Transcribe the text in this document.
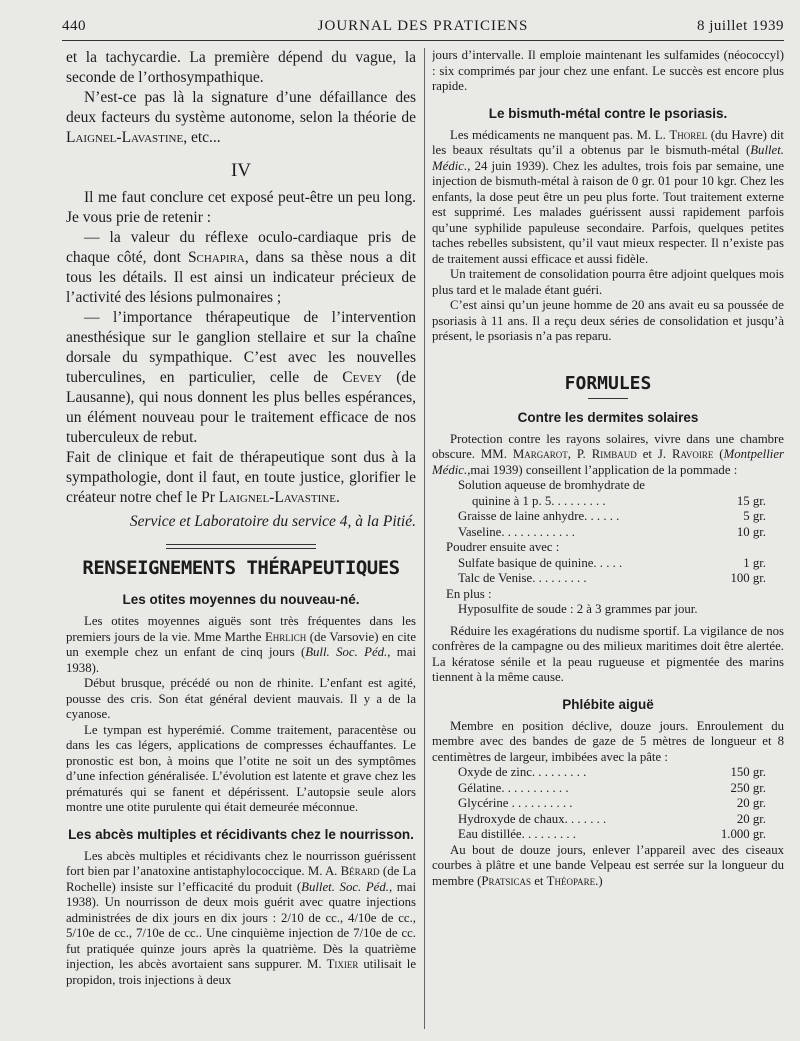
440	JOURNAL DES PRATICIENS	8 juillet 1939

et la tachycardie. La première dépend du vague, la seconde de l’orthosympathique.

N’est-ce pas là la signature d’une défaillance des deux facteurs du système autonome, selon la théorie de Laignel-Lavastine, etc...

IV

Il me faut conclure cet exposé peut-être un peu long. Je vous prie de retenir :

— la valeur du réflexe oculo-cardiaque pris de chaque côté, dont Schapira, dans sa thèse nous a dit tous les détails. Il est ainsi un indicateur précieux de l’activité des lésions pulmonaires ;

— l’importance thérapeutique de l’intervention anesthésique sur le ganglion stellaire et sur la chaîne dorsale du sympathique. C’est avec les nouvelles tuberculines, en particulier, celle de Cevey (de Lausanne), qui nous donnent les plus belles espérances, un élément nouveau pour le traitement efficace de nos tuberculeux de rebut.

Fait de clinique et fait de thérapeutique sont dus à la sympathologie, dont il faut, en toute justice, glorifier le créateur notre chef le Pr Laignel-Lavastine.

Service et Laboratoire du service 4, à la Pitié.
RENSEIGNEMENTS THÉRAPEUTIQUES
Les otites moyennes du nouveau-né.

Les otites moyennes aiguës sont très fréquentes dans les premiers jours de la vie. Mme Marthe Ehrlich (de Varsovie) en cite un exemple chez un enfant de cinq jours (Bull. Soc. Péd., mai 1938).

Début brusque, précédé ou non de rhinite. L’enfant est agité, pousse des cris. Son état général devient mauvais. Il y a de la cyanose.

Le tympan est hyperémié. Comme traitement, paracentèse ou dans les cas légers, applications de compresses échauffantes. Le pronostic est bon, à moins que l’otite ne soit un des symptômes d’une infection généralisée. L’évolution est latente et grave chez les prématurés qui se fanent et dépérissent. L’autopsie seule alors montre une otite purulente qui était demeurée méconnue.

Les abcès multiples et récidivants chez le nourrisson.

Les abcès multiples et récidivants chez le nourrisson guérissent fort bien par l’anatoxine antistaphylococcique. M. A. Bérard (de La Rochelle) insiste sur l’efficacité du produit (Bullet. Soc. Péd., mai 1938). Un nourrisson de deux mois guérit avec quatre injections administrées de dix jours en dix jours : 2/10 de cc., 4/10e de cc., 5/10e de cc., 7/10e de cc.. Une cinquième injection de 7/10e de cc. fut pratiquée quinze jours après la quatrième. Dès la quatrième injection, les abcès avortaient sans suppurer. M. Tixier utilisait le propidon, trois injections à deux

jours d’intervalle. Il emploie maintenant les sulfamides (néococcyl) : six comprimés par jour chez une enfant. Le succès est encore plus rapide.

Le bismuth-métal contre le psoriasis.

Les médicaments ne manquent pas. M. L. Thorel (du Havre) dit les beaux résultats qu’il a obtenus par le bismuth-métal (Bullet. Médic., 24 juin 1939). Chez les adultes, trois fois par semaine, une injection de bismuth-métal à raison de 0 gr. 01 pour 10 kgr. Chez les enfants, la dose peut être un peu plus forte. Tout traitement externe est supprimé. Les malades guérissent aussi rapidement parfois qu’une syphilide papuleuse secondaire. Parfois, quelques petites taches rebelles subsistent, qu’il vaut mieux respecter. Il n’existe pas de traitement aussi efficace et aussi fidèle.

Un traitement de consolidation pourra être adjoint quelques mois plus tard et le malade étant guéri.

C’est ainsi qu’un jeune homme de 20 ans avait eu sa poussée de psoriasis à 11 ans. Il a reçu deux séries de consolidation et jusqu’à présent, le psoriasis n’a pas reparu.

FORMULES
Contre les dermites solaires

Protection contre les rayons solaires, vivre dans une chambre obscure. MM. Margarot, P. Rimbaud et J. Ravoire (Montpellier Médic.,mai 1939) conseillent l’application de la pommade :

Solution aqueuse de bromhydrate de	
quinine à 1 p. 5. . . . . . . . .	15 gr.
Graisse de laine anhydre. . . . . .	5 gr.
Vaseline. . . . . . . . . . . .	10 gr.
Poudrer ensuite avec :
Sulfate basique de quinine. . . . .	1 gr.
Talc de Venise. . . . . . . . .	100 gr.
En plus :
Hyposulfite de soude : 2 à 3 grammes par jour.

Réduire les exagérations du nudisme sportif. La vigilance de nos confrères de la campagne ou des milieux maritimes doit être alertée. La kératose sénile et la peau rugueuse et pigmentée des marins tiennent à la même cause.

Phlébite aiguë

Membre en position déclive, douze jours. Enroulement du membre avec des bandes de gaze de 5 mètres de longueur et 8 centimètres de largeur, imbibées avec la pâte :

Oxyde de zinc. . . . . . . . .	150 gr.
Gélatine. . . . . . . . . . .	250 gr.
Glycérine . . . . . . . . . .	20 gr.
Hydroxyde de chaux. . . . . . .	20 gr.
Eau distillée. . . . . . . . .	1.000 gr.

Au bout de douze jours, enlever l’appareil avec des ciseaux courbes à plâtre et une bande Velpeau est serrée sur la longueur du membre (Pratsicas et Théopare.)
